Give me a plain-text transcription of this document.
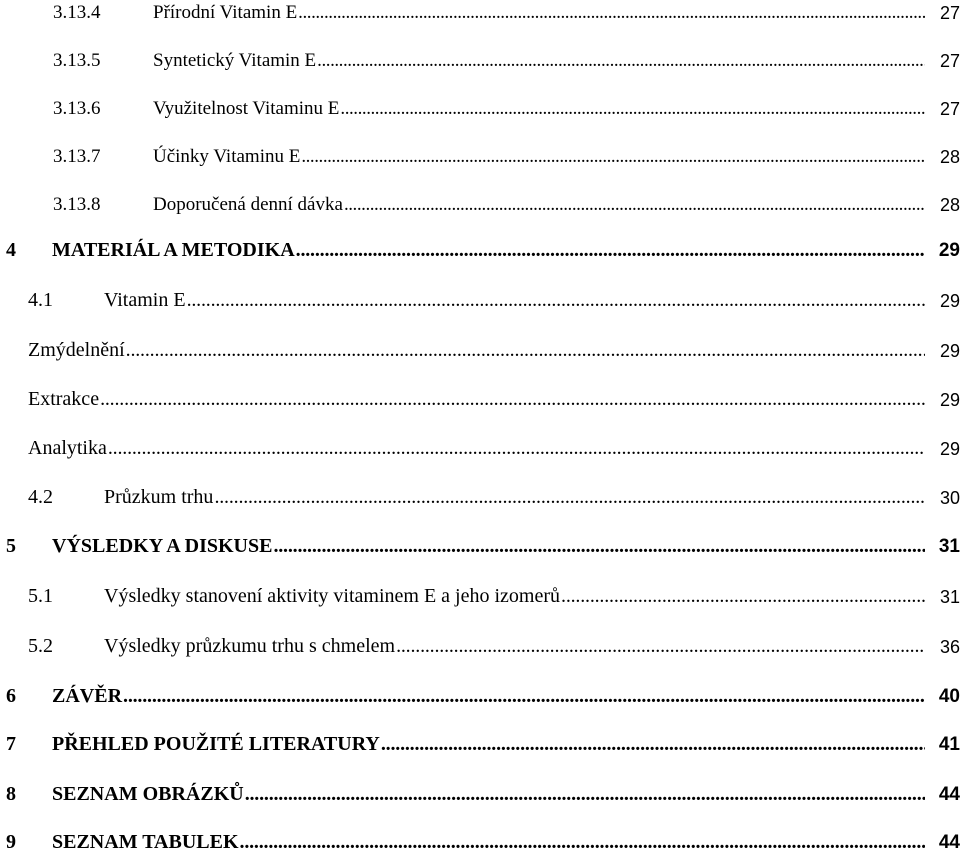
3.13.4	Přírodní Vitamin E . . .	27
3.13.5	Syntetický Vitamin E . . .	27
3.13.6	Využitelnost Vitaminu E . . .	27
3.13.7	Účinky Vitaminu E . . .	28
3.13.8	Doporučená denní dávka . . .	28
4	MATERIÁL A METODIKA . . .	29
4.1	Vitamin E . . .	29
Zmýdelnění . . .	29
Extrakce . . .	29
Analytika . . .	29
4.2	Průzkum trhu . . .	30
5	VÝSLEDKY A DISKUSE . . .	31
5.1	Výsledky stanovení aktivity vitaminem E a jeho izomerů . . .	31
5.2	Výsledky průzkumu trhu s chmelem . . .	36
6	ZÁVĚR . . .	40
7	PŘEHLED POUŽITÉ LITERATURY . . .	41
8	SEZNAM OBRÁZKŮ . . .	44
9	SEZNAM TABULEK . . .	44
